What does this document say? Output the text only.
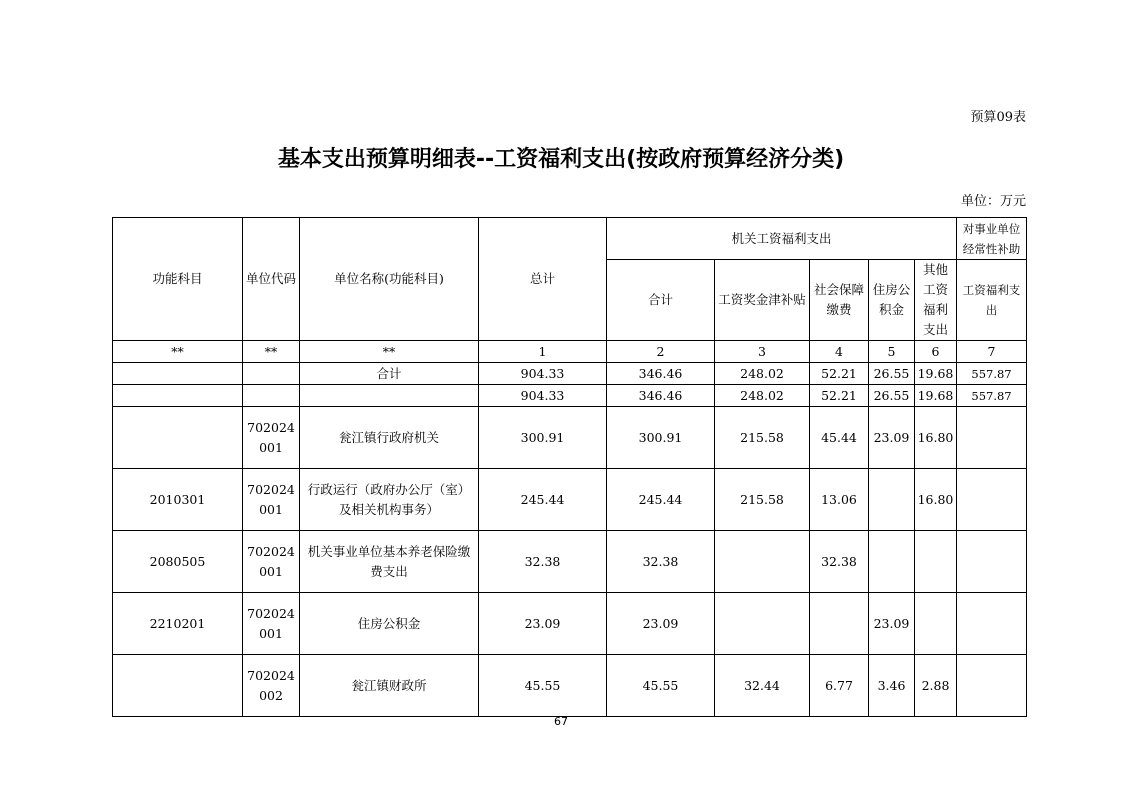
预算09表
基本支出预算明细表--工资福利支出(按政府预算经济分类)
单位：万元
功能科目	单位代码	单位名称(功能科目)	总计	机关工资福利支出					对事业单位经常性补助
				合计	工资奖金津补贴	社会保障缴费	住房公积金	其他工资福利支出	工资福利支出
**	**	**	1	2	3	4	5	6	7
		合计	904.33	346.46	248.02	52.21	26.55	19.68	557.87
			904.33	346.46	248.02	52.21	26.55	19.68	557.87
	702024001	瓮江镇行政府机关	300.91	300.91	215.58	45.44	23.09	16.80	
2010301	702024001	行政运行（政府办公厅（室）及相关机构事务）	245.44	245.44	215.58	13.06		16.80	
2080505	702024001	机关事业单位基本养老保险缴费支出	32.38	32.38		32.38			
2210201	702024001	住房公积金	23.09	23.09			23.09		
	702024002	瓮江镇财政所	45.55	45.55	32.44	6.77	3.46	2.88	
67
